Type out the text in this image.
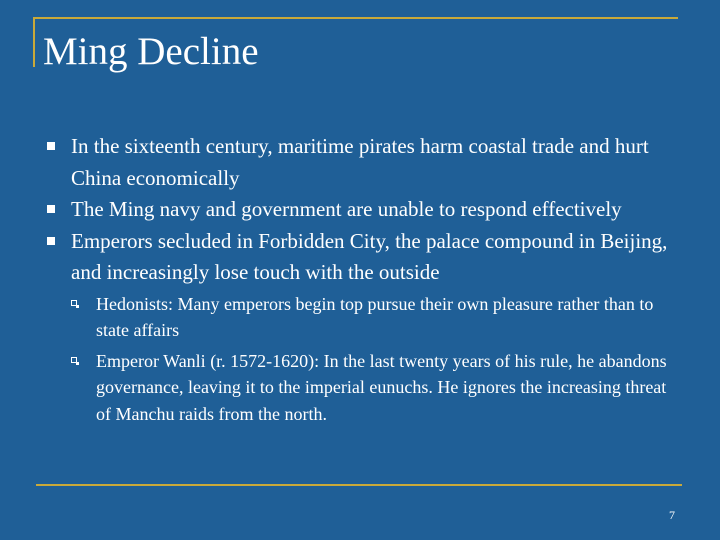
Ming Decline
In the sixteenth century, maritime pirates harm coastal trade and hurt China economically
The Ming navy and government are unable to respond effectively
Emperors secluded in Forbidden City, the palace compound in Beijing, and increasingly lose touch with the outside
Hedonists: Many emperors begin top pursue their own pleasure rather than to state affairs
Emperor Wanli (r. 1572-1620): In the last twenty years of his rule, he abandons governance, leaving it to the imperial eunuchs. He ignores the increasing threat of Manchu raids from the north.
7
